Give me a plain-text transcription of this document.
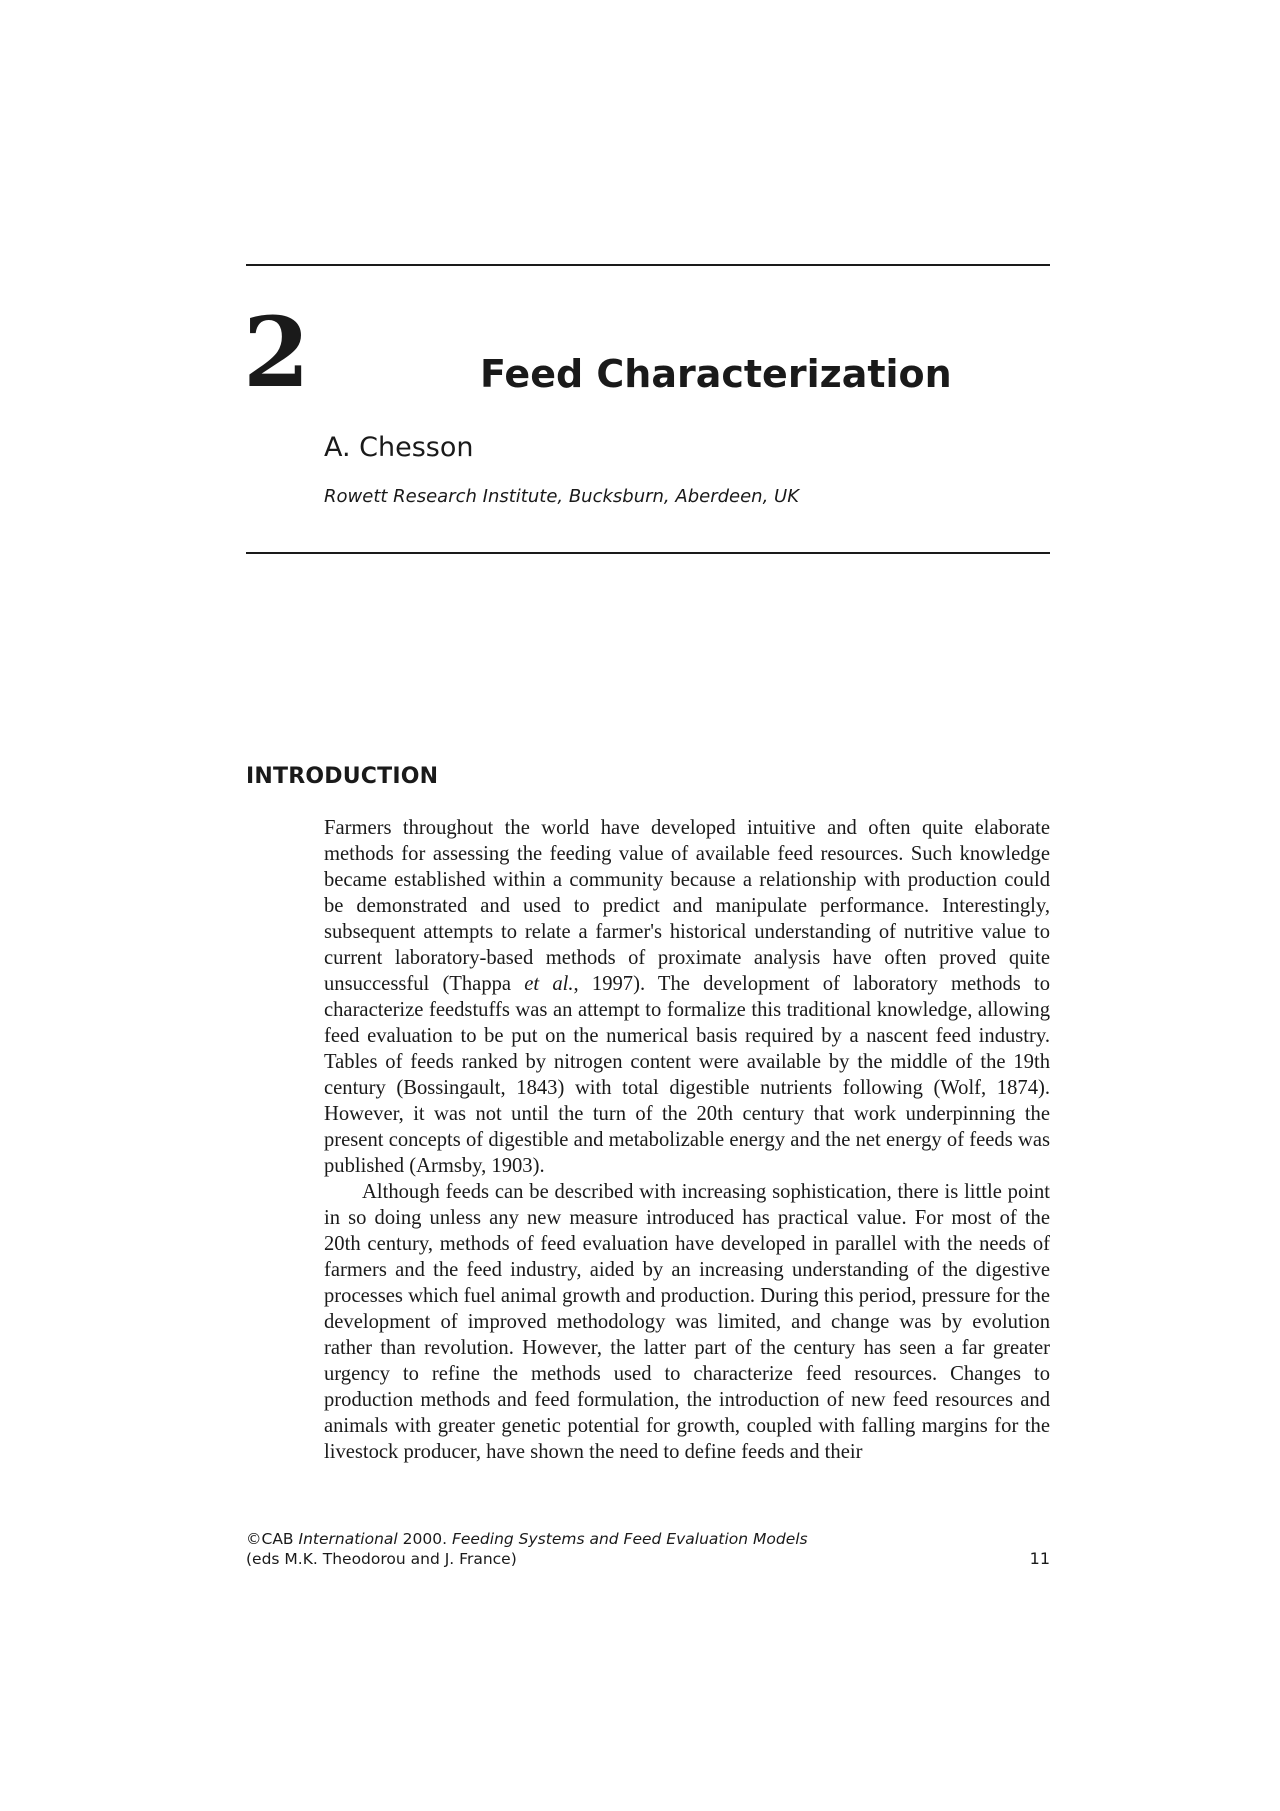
2	Feed Characterization
A. Chesson
Rowett Research Institute, Bucksburn, Aberdeen, UK
INTRODUCTION

Farmers throughout the world have developed intuitive and often quite elaborate methods for assessing the feeding value of available feed resources. Such knowledge became established within a community because a relationship with production could be demonstrated and used to predict and manipulate performance. Interestingly, subsequent attempts to relate a farmer's historical understanding of nutritive value to current laboratory-based methods of proximate analysis have often proved quite unsuccessful (Thappa et al., 1997). The development of laboratory methods to characterize feedstuffs was an attempt to formalize this traditional knowledge, allowing feed evaluation to be put on the numerical basis required by a nascent feed industry. Tables of feeds ranked by nitrogen content were available by the middle of the 19th century (Bossingault, 1843) with total digestible nutrients following (Wolf, 1874). However, it was not until the turn of the 20th century that work underpinning the present concepts of digestible and metabolizable energy and the net energy of feeds was published (Armsby, 1903).

Although feeds can be described with increasing sophistication, there is little point in so doing unless any new measure introduced has practical value. For most of the 20th century, methods of feed evaluation have developed in parallel with the needs of farmers and the feed industry, aided by an increasing understanding of the digestive processes which fuel animal growth and production. During this period, pressure for the development of improved methodology was limited, and change was by evolution rather than revolution. However, the latter part of the century has seen a far greater urgency to refine the methods used to characterize feed resources. Changes to production methods and feed formulation, the introduction of new feed resources and animals with greater genetic potential for growth, coupled with falling margins for the livestock producer, have shown the need to define feeds and their

©CAB International 2000. Feeding Systems and Feed Evaluation Models
(eds M.K. Theodorou and J. France)	11
